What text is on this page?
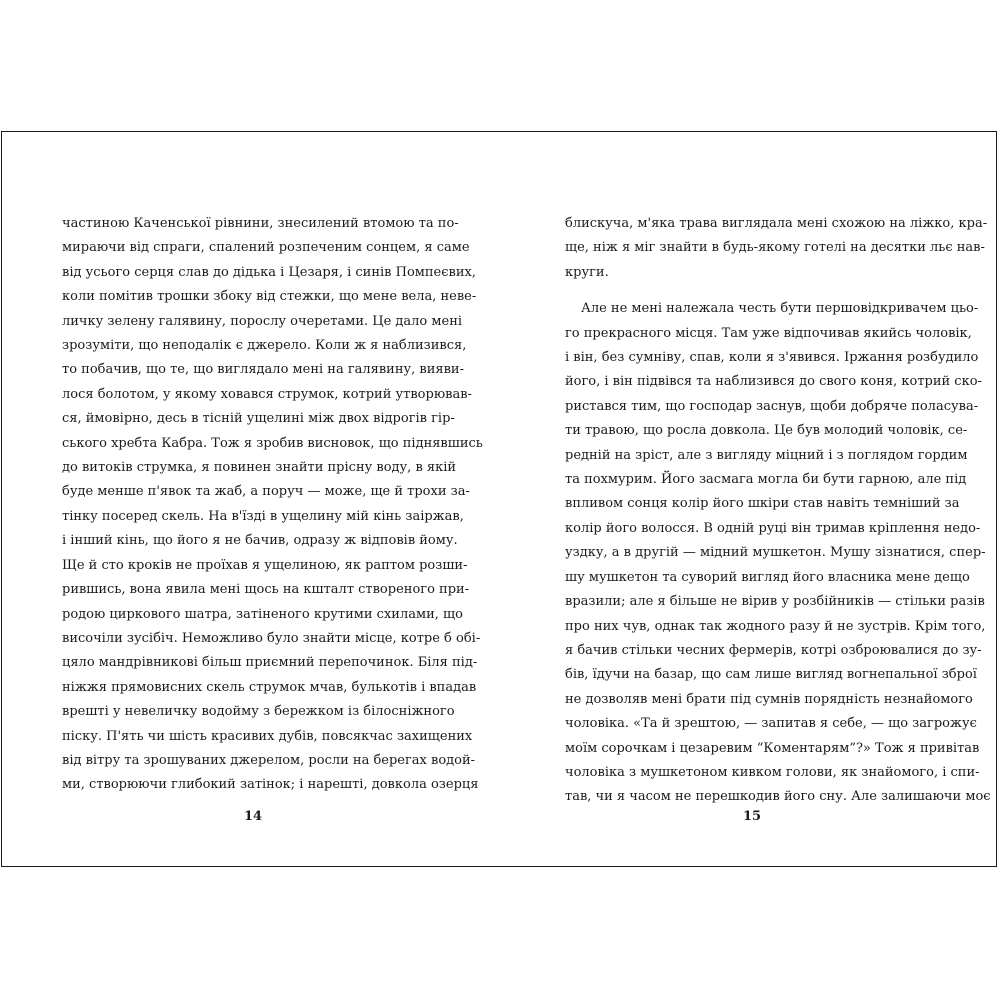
частиною Каченської рівнини, знесилений втомою та по-
мираючи від спраги, спалений розпеченим сонцем, я саме
від усього серця слав до дідька і Цезаря, і синів Помпеєвих,
коли помітив трошки збоку від стежки, що мене вела, неве-
личку зелену галявину, порослу очеретами. Це дало мені
зрозуміти, що неподалік є джерело. Коли ж я наблизився,
то побачив, що те, що виглядало мені на галявину, вияви-
лося болотом, у якому ховався струмок, котрий утворював-
ся, ймовірно, десь в тісній ущелині між двох відрогів гір-
ського хребта Кабра. Тож я зробив висновок, що піднявшись
до витоків струмка, я повинен знайти прісну воду, в якій
буде менше п'явок та жаб, а поруч — може, ще й трохи за-
тінку посеред скель. На в'їзді в ущелину мій кінь заіржав,
і інший кінь, що його я не бачив, одразу ж відповів йому.
Ще й сто кроків не проїхав я ущелиною, як раптом розши-
рившись, вона явила мені щось на кшталт створеного при-
родою циркового шатра, затіненого крутими схилами, що
височіли зусібіч. Неможливо було знайти місце, котре б обі-
цяло мандрівникові більш приємний перепочинок. Біля під-
ніжжя прямовисних скель струмок мчав, булькотів і впадав
врешті у невеличку водойму з бережком із білосніжного
піску. П'ять чи шість красивих дубів, повсякчас захищених
від вітру та зрошуваних джерелом, росли на берегах водой-
ми, створюючи глибокий затінок; і нарешті, довкола озерця
14
блискуча, м'яка трава виглядала мені схожою на ліжко, кра-
ще, ніж я міг знайти в будь-якому готелі на десятки льє нав-
круги.
Але не мені належала честь бути першовідкривачем цьо-
го прекрасного місця. Там уже відпочивав якийсь чоловік,
і він, без сумніву, спав, коли я з'явився. Іржання розбудило
його, і він підвівся та наблизився до свого коня, котрий ско-
ристався тим, що господар заснув, щоби добряче поласува-
ти травою, що росла довкола. Це був молодий чоловік, се-
редній на зріст, але з вигляду міцний і з поглядом гордим
та похмурим. Його засмага могла би бути гарною, але під
впливом сонця колір його шкіри став навіть темніший за
колір його волосся. В одній руці він тримав кріплення недо-
уздку, а в другій — мідний мушкетон. Мушу зізнатися, спер-
шу мушкетон та суворий вигляд його власника мене дещо
вразили; але я більше не вірив у розбійників — стільки разів
про них чув, однак так жодного разу й не зустрів. Крім того,
я бачив стільки чесних фермерів, котрі озброювалися до зу-
бів, їдучи на базар, що сам лише вигляд вогнепальної зброї
не дозволяв мені брати під сумнів порядність незнайомого
чоловіка. «Та й зрештою, — запитав я себе, — що загрожує
моїм сорочкам і цезаревим “Коментарям”?» Тож я привітав
чоловіка з мушкетоном кивком голови, як знайомого, і спи-
тав, чи я часом не перешкодив його сну. Але залишаючи моє
15
